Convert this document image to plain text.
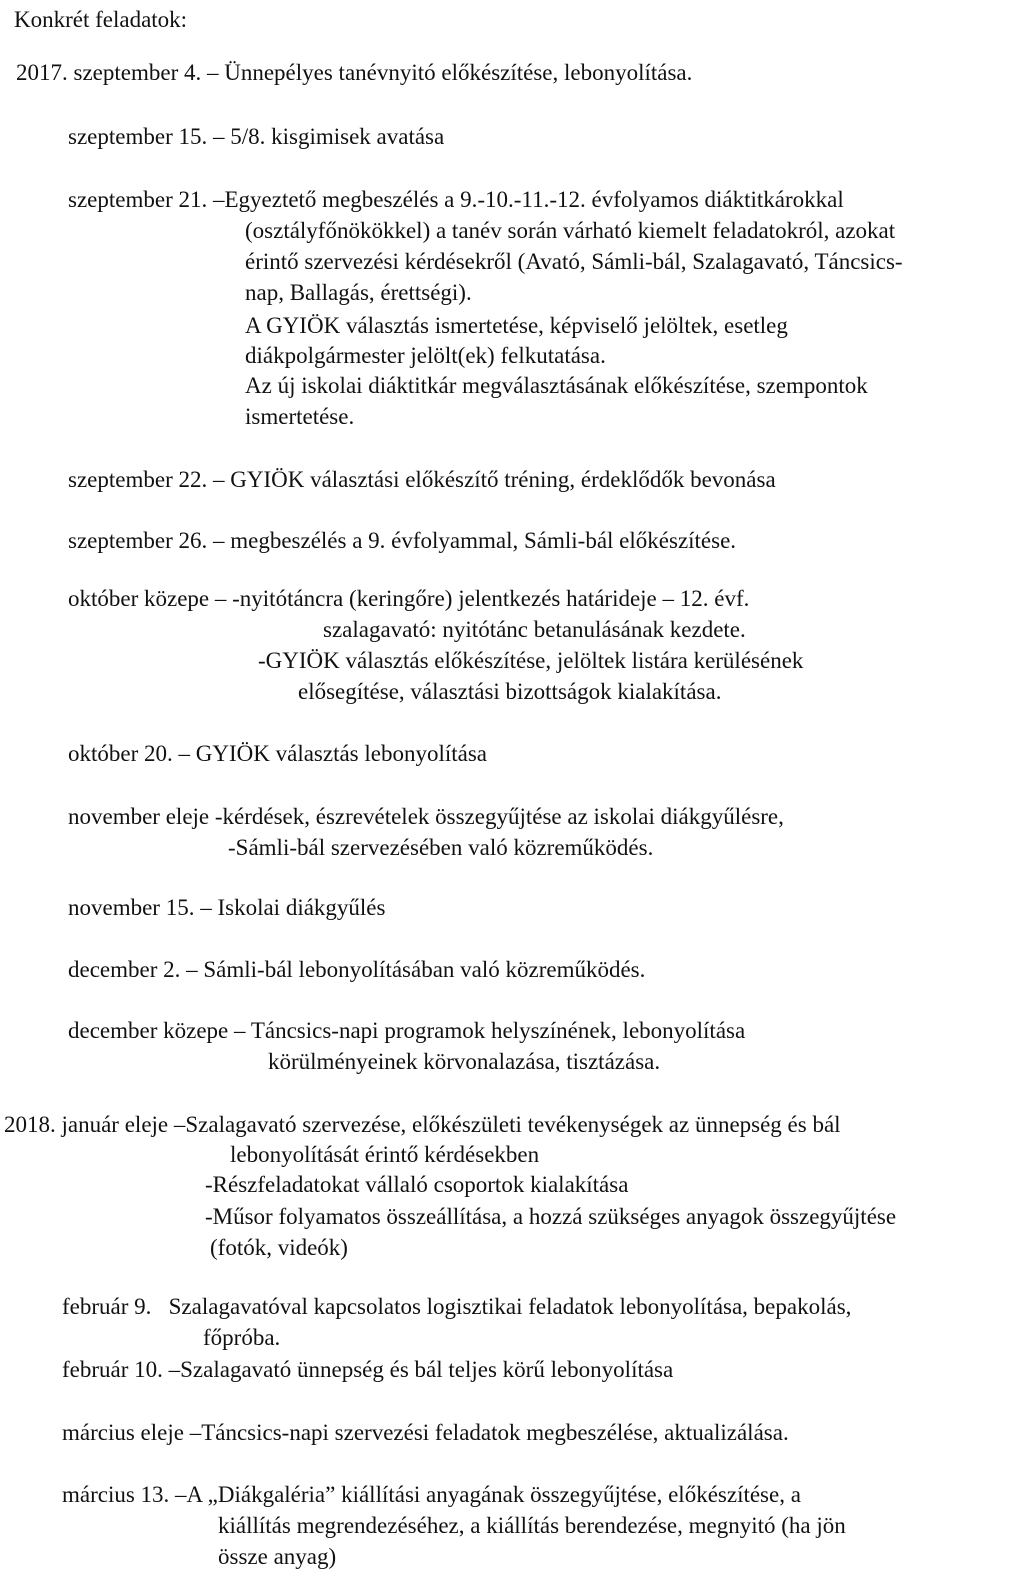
Konkrét feladatok:
2017. szeptember 4. – Ünnepélyes tanévnyitó előkészítése, lebonyolítása.
szeptember 15. – 5/8. kisgimisek avatása
szeptember 21. –Egyeztető megbeszélés a 9.-10.-11.-12. évfolyamos diáktitkárokkal
(osztályfőnökökkel) a tanév során várható kiemelt feladatokról, azokat
érintő szervezési kérdésekről (Avató, Sámli-bál, Szalagavató, Táncsics-
nap, Ballagás, érettségi).
A GYIÖK választás ismertetése, képviselő jelöltek, esetleg
diákpolgármester jelölt(ek) felkutatása.
Az új iskolai diáktitkár megválasztásának előkészítése, szempontok
ismertetése.
szeptember 22. – GYIÖK választási előkészítő tréning, érdeklődők bevonása
szeptember 26. – megbeszélés a 9. évfolyammal, Sámli-bál előkészítése.
október közepe – -nyitótáncra (keringőre) jelentkezés határideje – 12. évf.
szalagavató: nyitótánc betanulásának kezdete.
-GYIÖK választás előkészítése, jelöltek listára kerülésének
elősegítése, választási bizottságok kialakítása.
október 20. – GYIÖK választás lebonyolítása
november eleje -kérdések, észrevételek összegyűjtése az iskolai diákgyűlésre,
-Sámli-bál szervezésében való közreműködés.
november 15. – Iskolai diákgyűlés
december 2. – Sámli-bál lebonyolításában való közreműködés.
december közepe – Táncsics-napi programok helyszínének, lebonyolítása
körülményeinek körvonalazása, tisztázása.
2018. január eleje –Szalagavató szervezése, előkészületi tevékenységek az ünnepség és bál
lebonyolítását érintő kérdésekben
-Részfeladatokat vállaló csoportok kialakítása
-Műsor folyamatos összeállítása, a hozzá szükséges anyagok összegyűjtése
(fotók, videók)
február 9.   Szalagavatóval kapcsolatos logisztikai feladatok lebonyolítása, bepakolás,
főpróba.
február 10. –Szalagavató ünnepség és bál teljes körű lebonyolítása
március eleje –Táncsics-napi szervezési feladatok megbeszélése, aktualizálása.
március 13. –A „Diákgaléria” kiállítási anyagának összegyűjtése, előkészítése, a
kiállítás megrendezéséhez, a kiállítás berendezése, megnyitó (ha jön
össze anyag)
